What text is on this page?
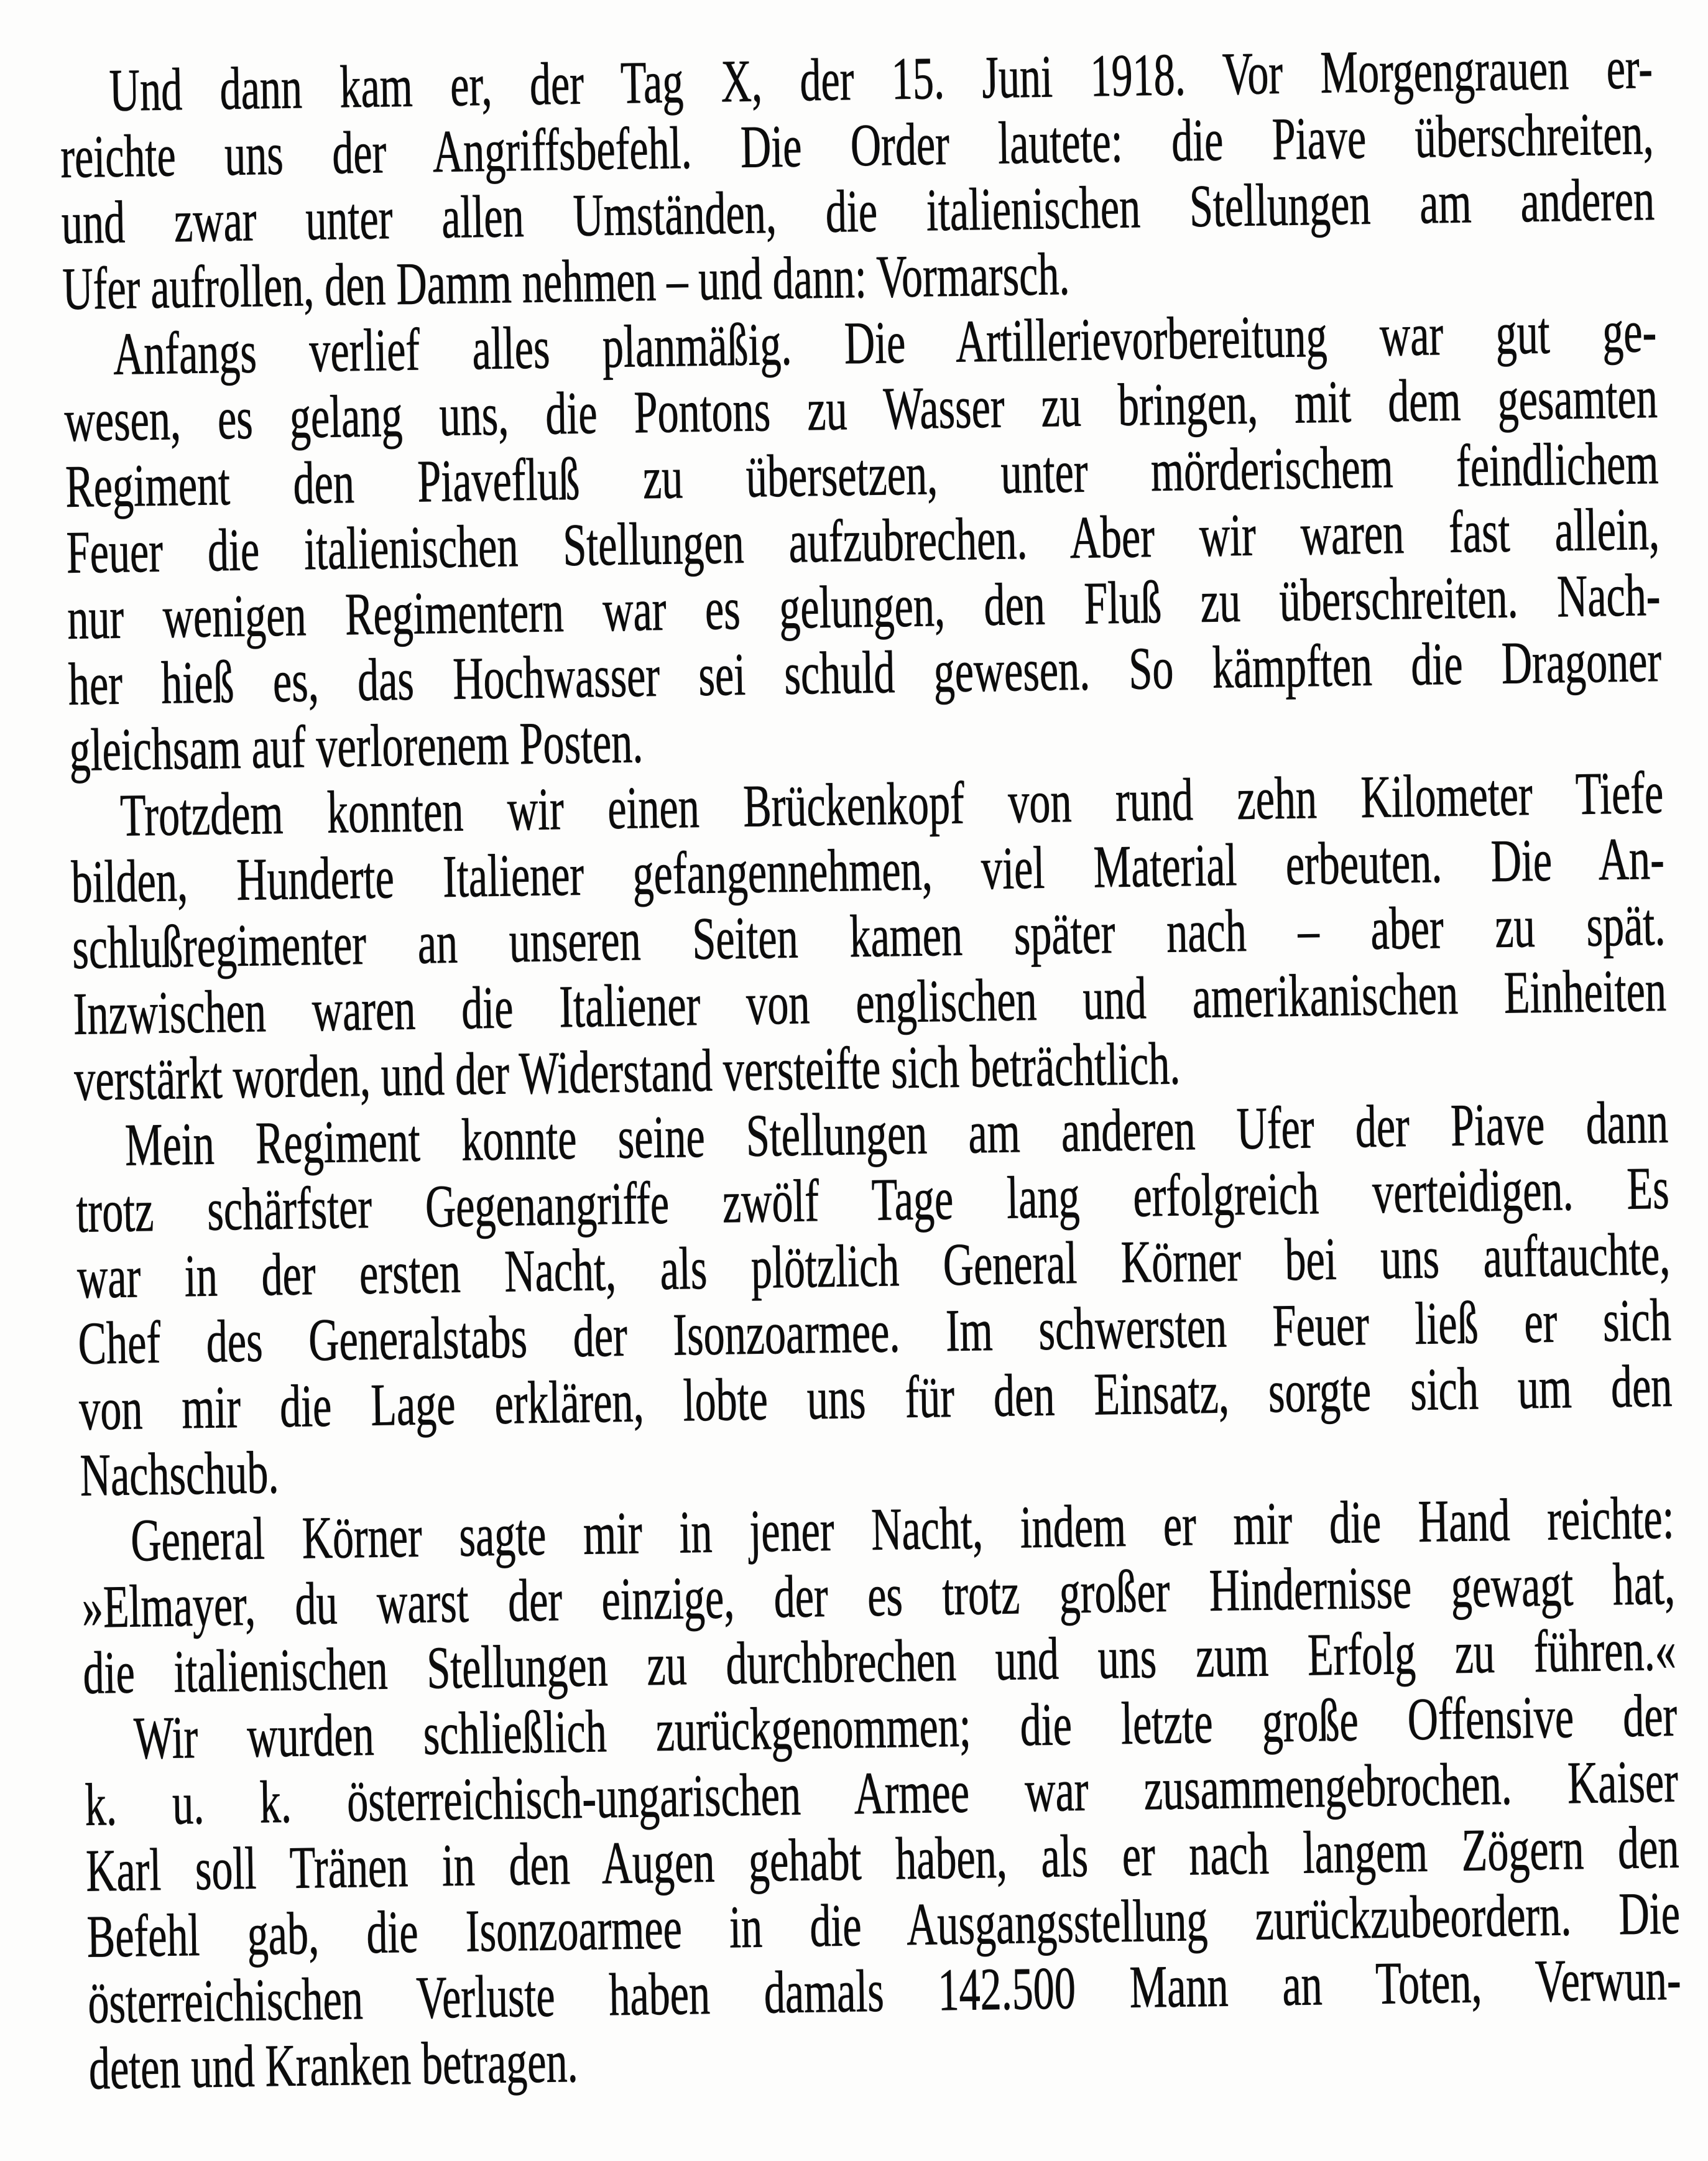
Und dann kam er, der Tag X, der 15. Juni 1918. Vor Morgengrauen er-
reichte uns der Angriffsbefehl. Die Order lautete: die Piave überschreiten,
und zwar unter allen Umständen, die italienischen Stellungen am anderen
Ufer aufrollen, den Damm nehmen – und dann: Vormarsch.
Anfangs verlief alles planmäßig. Die Artillerievorbereitung war gut ge-
wesen, es gelang uns, die Pontons zu Wasser zu bringen, mit dem gesamten
Regiment den Piavefluß zu übersetzen, unter mörderischem feindlichem
Feuer die italienischen Stellungen aufzubrechen. Aber wir waren fast allein,
nur wenigen Regimentern war es gelungen, den Fluß zu überschreiten. Nach-
her hieß es, das Hochwasser sei schuld gewesen. So kämpften die Dragoner
gleichsam auf verlorenem Posten.
Trotzdem konnten wir einen Brückenkopf von rund zehn Kilometer Tiefe
bilden, Hunderte Italiener gefangennehmen, viel Material erbeuten. Die An-
schlußregimenter an unseren Seiten kamen später nach – aber zu spät.
Inzwischen waren die Italiener von englischen und amerikanischen Einheiten
verstärkt worden, und der Widerstand versteifte sich beträchtlich.
Mein Regiment konnte seine Stellungen am anderen Ufer der Piave dann
trotz schärfster Gegenangriffe zwölf Tage lang erfolgreich verteidigen. Es
war in der ersten Nacht, als plötzlich General Körner bei uns auftauchte,
Chef des Generalstabs der Isonzoarmee. Im schwersten Feuer ließ er sich
von mir die Lage erklären, lobte uns für den Einsatz, sorgte sich um den
Nachschub.
General Körner sagte mir in jener Nacht, indem er mir die Hand reichte:
»Elmayer, du warst der einzige, der es trotz großer Hindernisse gewagt hat,
die italienischen Stellungen zu durchbrechen und uns zum Erfolg zu führen.«
Wir wurden schließlich zurückgenommen; die letzte große Offensive der
k. u. k. österreichisch-ungarischen Armee war zusammengebrochen. Kaiser
Karl soll Tränen in den Augen gehabt haben, als er nach langem Zögern den
Befehl gab, die Isonzoarmee in die Ausgangsstellung zurückzubeordern. Die
österreichischen Verluste haben damals 142.500 Mann an Toten, Verwun-
deten und Kranken betragen.
